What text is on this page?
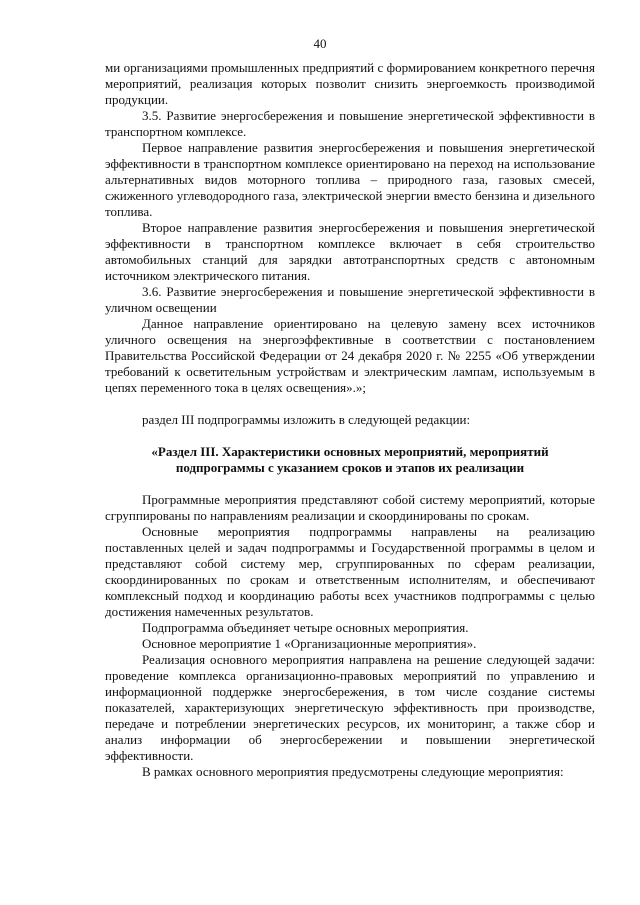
40

ми организациями промышленных предприятий с формированием конкретного перечня мероприятий, реализация которых позволит снизить энергоемкость производимой продукции.

3.5. Развитие энергосбережения и повышение энергетической эффективности в транспортном комплексе.

Первое направление развития энергосбережения и повышения энергетической эффективности в транспортном комплексе ориентировано на переход на использование альтернативных видов моторного топлива – природного газа, газовых смесей, сжиженного углеводородного газа, электрической энергии вместо бензина и дизельного топлива.

Второе направление развития энергосбережения и повышения энергетической эффективности в транспортном комплексе включает в себя строительство автомобильных станций для зарядки автотранспортных средств с автономным источником электрического питания.

3.6. Развитие энергосбережения и повышение энергетической эффективности в уличном освещении

Данное направление ориентировано на целевую замену всех источников уличного освещения на энергоэффективные в соответствии с постановлением Правительства Российской Федерации от 24 декабря 2020 г. № 2255 «Об утверждении требований к осветительным устройствам и электрическим лампам, используемым в цепях переменного тока в целях освещения».»;

раздел III подпрограммы изложить в следующей редакции:

«Раздел III. Характеристики основных мероприятий, мероприятий

подпрограммы с указанием сроков и этапов их реализации

Программные мероприятия представляют собой систему мероприятий, которые сгруппированы по направлениям реализации и скоординированы по срокам.

Основные мероприятия подпрограммы направлены на реализацию поставленных целей и задач подпрограммы и Государственной программы в целом и представляют собой систему мер, сгруппированных по сферам реализации, скоординированных по срокам и ответственным исполнителям, и обеспечивают комплексный подход и координацию работы всех участников подпрограммы с целью достижения намеченных результатов.

Подпрограмма объединяет четыре основных мероприятия.

Основное мероприятие 1 «Организационные мероприятия».

Реализация основного мероприятия направлена на решение следующей задачи: проведение комплекса организационно-правовых мероприятий по управлению и информационной поддержке энергосбережения, в том числе создание системы показателей, характеризующих энергетическую эффективность при производстве, передаче и потреблении энергетических ресурсов, их мониторинг, а также сбор и анализ информации об энергосбережении и повышении энергетической эффективности.

В рамках основного мероприятия предусмотрены следующие мероприятия:
